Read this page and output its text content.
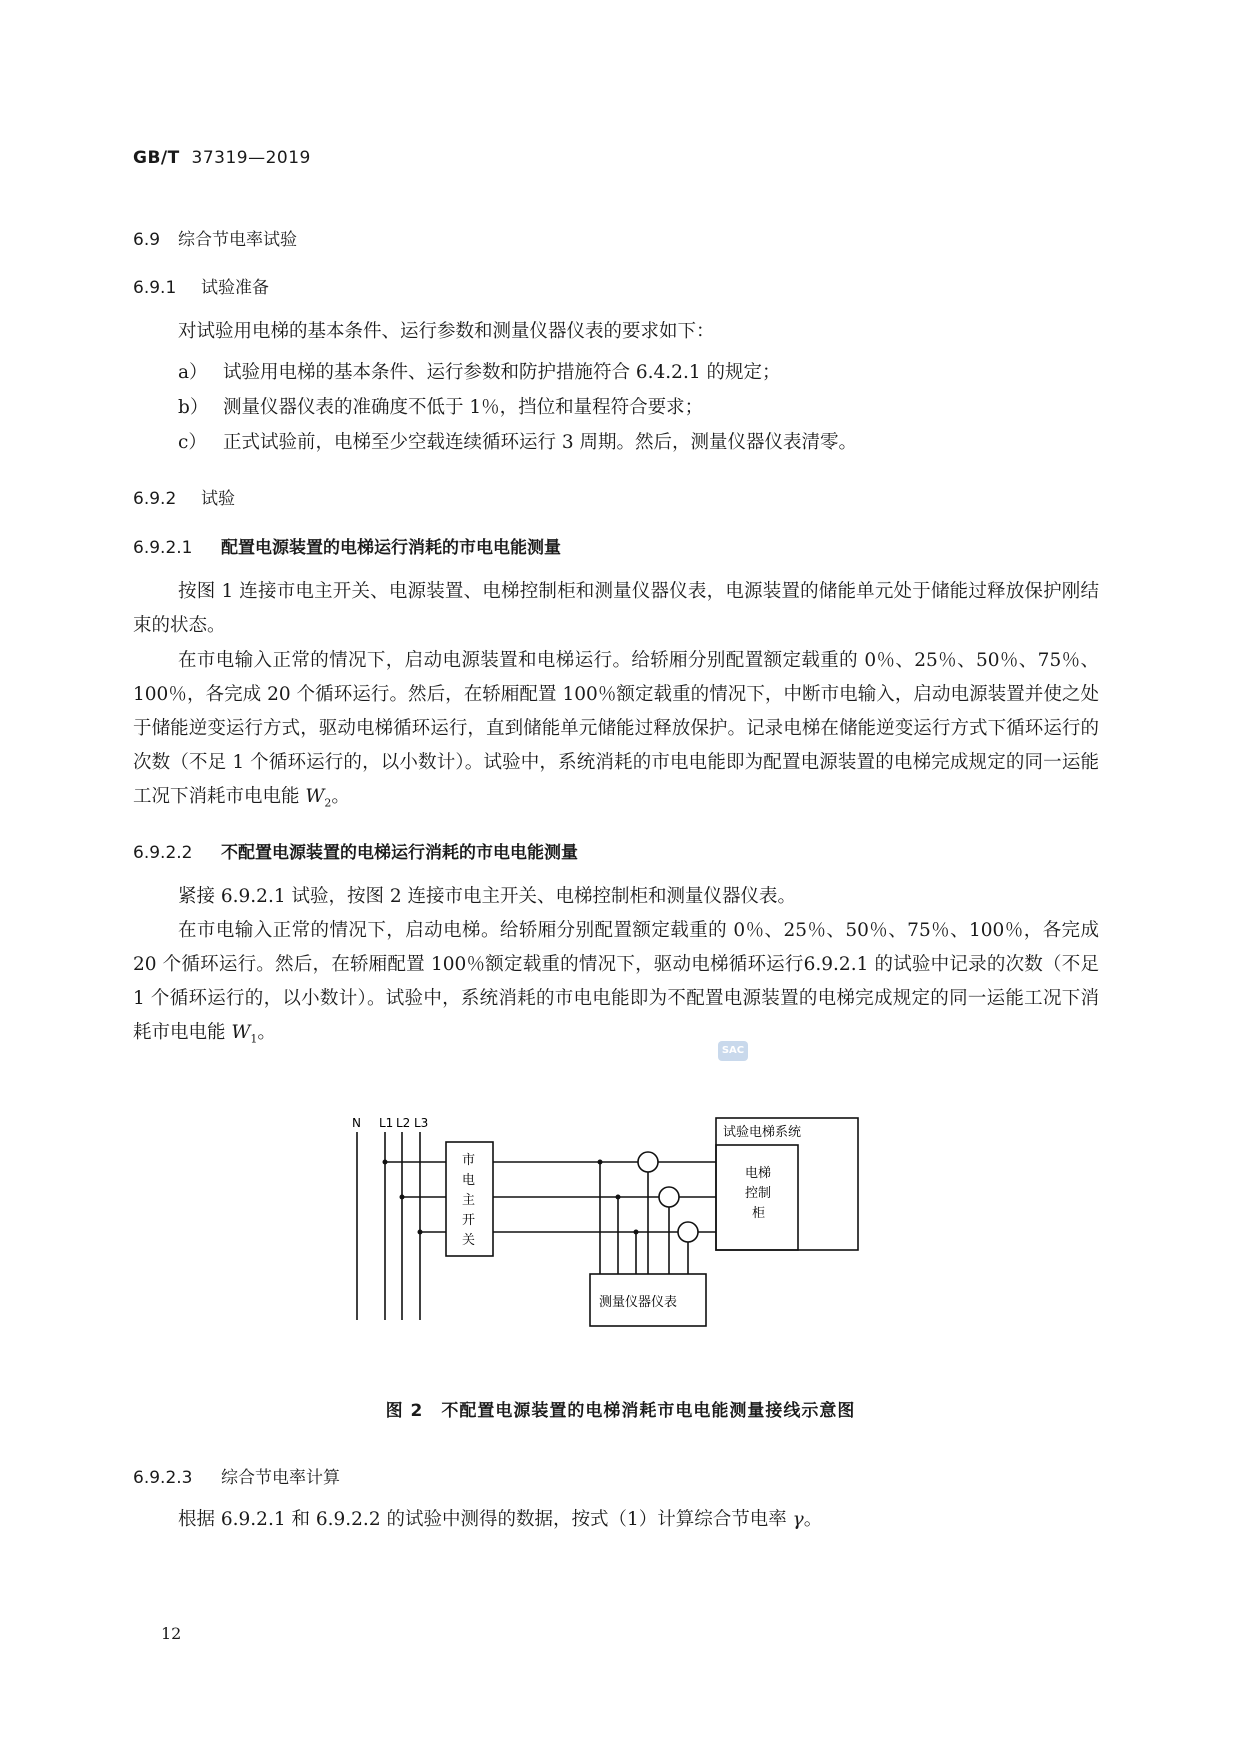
GB/T 37319—2019
6.9 综合节电率试验
6.9.1 试验准备
对试验用电梯的基本条件、运行参数和测量仪器仪表的要求如下：
a） 试验用电梯的基本条件、运行参数和防护措施符合 6.4.2.1 的规定；
b） 测量仪器仪表的准确度不低于 1％，挡位和量程符合要求；
c） 正式试验前，电梯至少空载连续循环运行 3 周期。然后，测量仪器仪表清零。
6.9.2 试验
6.9.2.1 配置电源装置的电梯运行消耗的市电电能测量
按图 1 连接市电主开关、电源装置、电梯控制柜和测量仪器仪表，电源装置的储能单元处于储能过释放保护刚结束的状态。
在市电输入正常的情况下，启动电源装置和电梯运行。给轿厢分别配置额定载重的 0％、25％、50％、75％、100％，各完成 20 个循环运行。然后，在轿厢配置 100％额定载重的情况下，中断市电输入，启动电源装置并使之处于储能逆变运行方式，驱动电梯循环运行，直到储能单元储能过释放保护。记录电梯在储能逆变运行方式下循环运行的次数（不足 1 个循环运行的，以小数计）。试验中，系统消耗的市电电能即为配置电源装置的电梯完成规定的同一运能工况下消耗市电电能 $W_2$。
6.9.2.2 不配置电源装置的电梯运行消耗的市电电能测量
紧接 6.9.2.1 试验，按图 2 连接市电主开关、电梯控制柜和测量仪器仪表。
在市电输入正常的情况下，启动电梯。给轿厢分别配置额定载重的 0％、25％、50％、75％、100％，各完成 20 个循环运行。然后，在轿厢配置 100％额定载重的情况下，驱动电梯循环运行6.9.2.1 的试验中记录的次数（不足 1 个循环运行的，以小数计）。试验中，系统消耗的市电电能即为不配置电源装置的电梯完成规定的同一运能工况下消耗市电电能 $W_1$。
SAC
N L1 L2 L3
市
电
主
开
关
试验电梯系统
电梯
控制
柜
测量仪器仪表
图 2　不配置电源装置的电梯消耗市电电能测量接线示意图
6.9.2.3 综合节电率计算
根据 6.9.2.1 和 6.9.2.2 的试验中测得的数据，按式（1）计算综合节电率 γ。
12
